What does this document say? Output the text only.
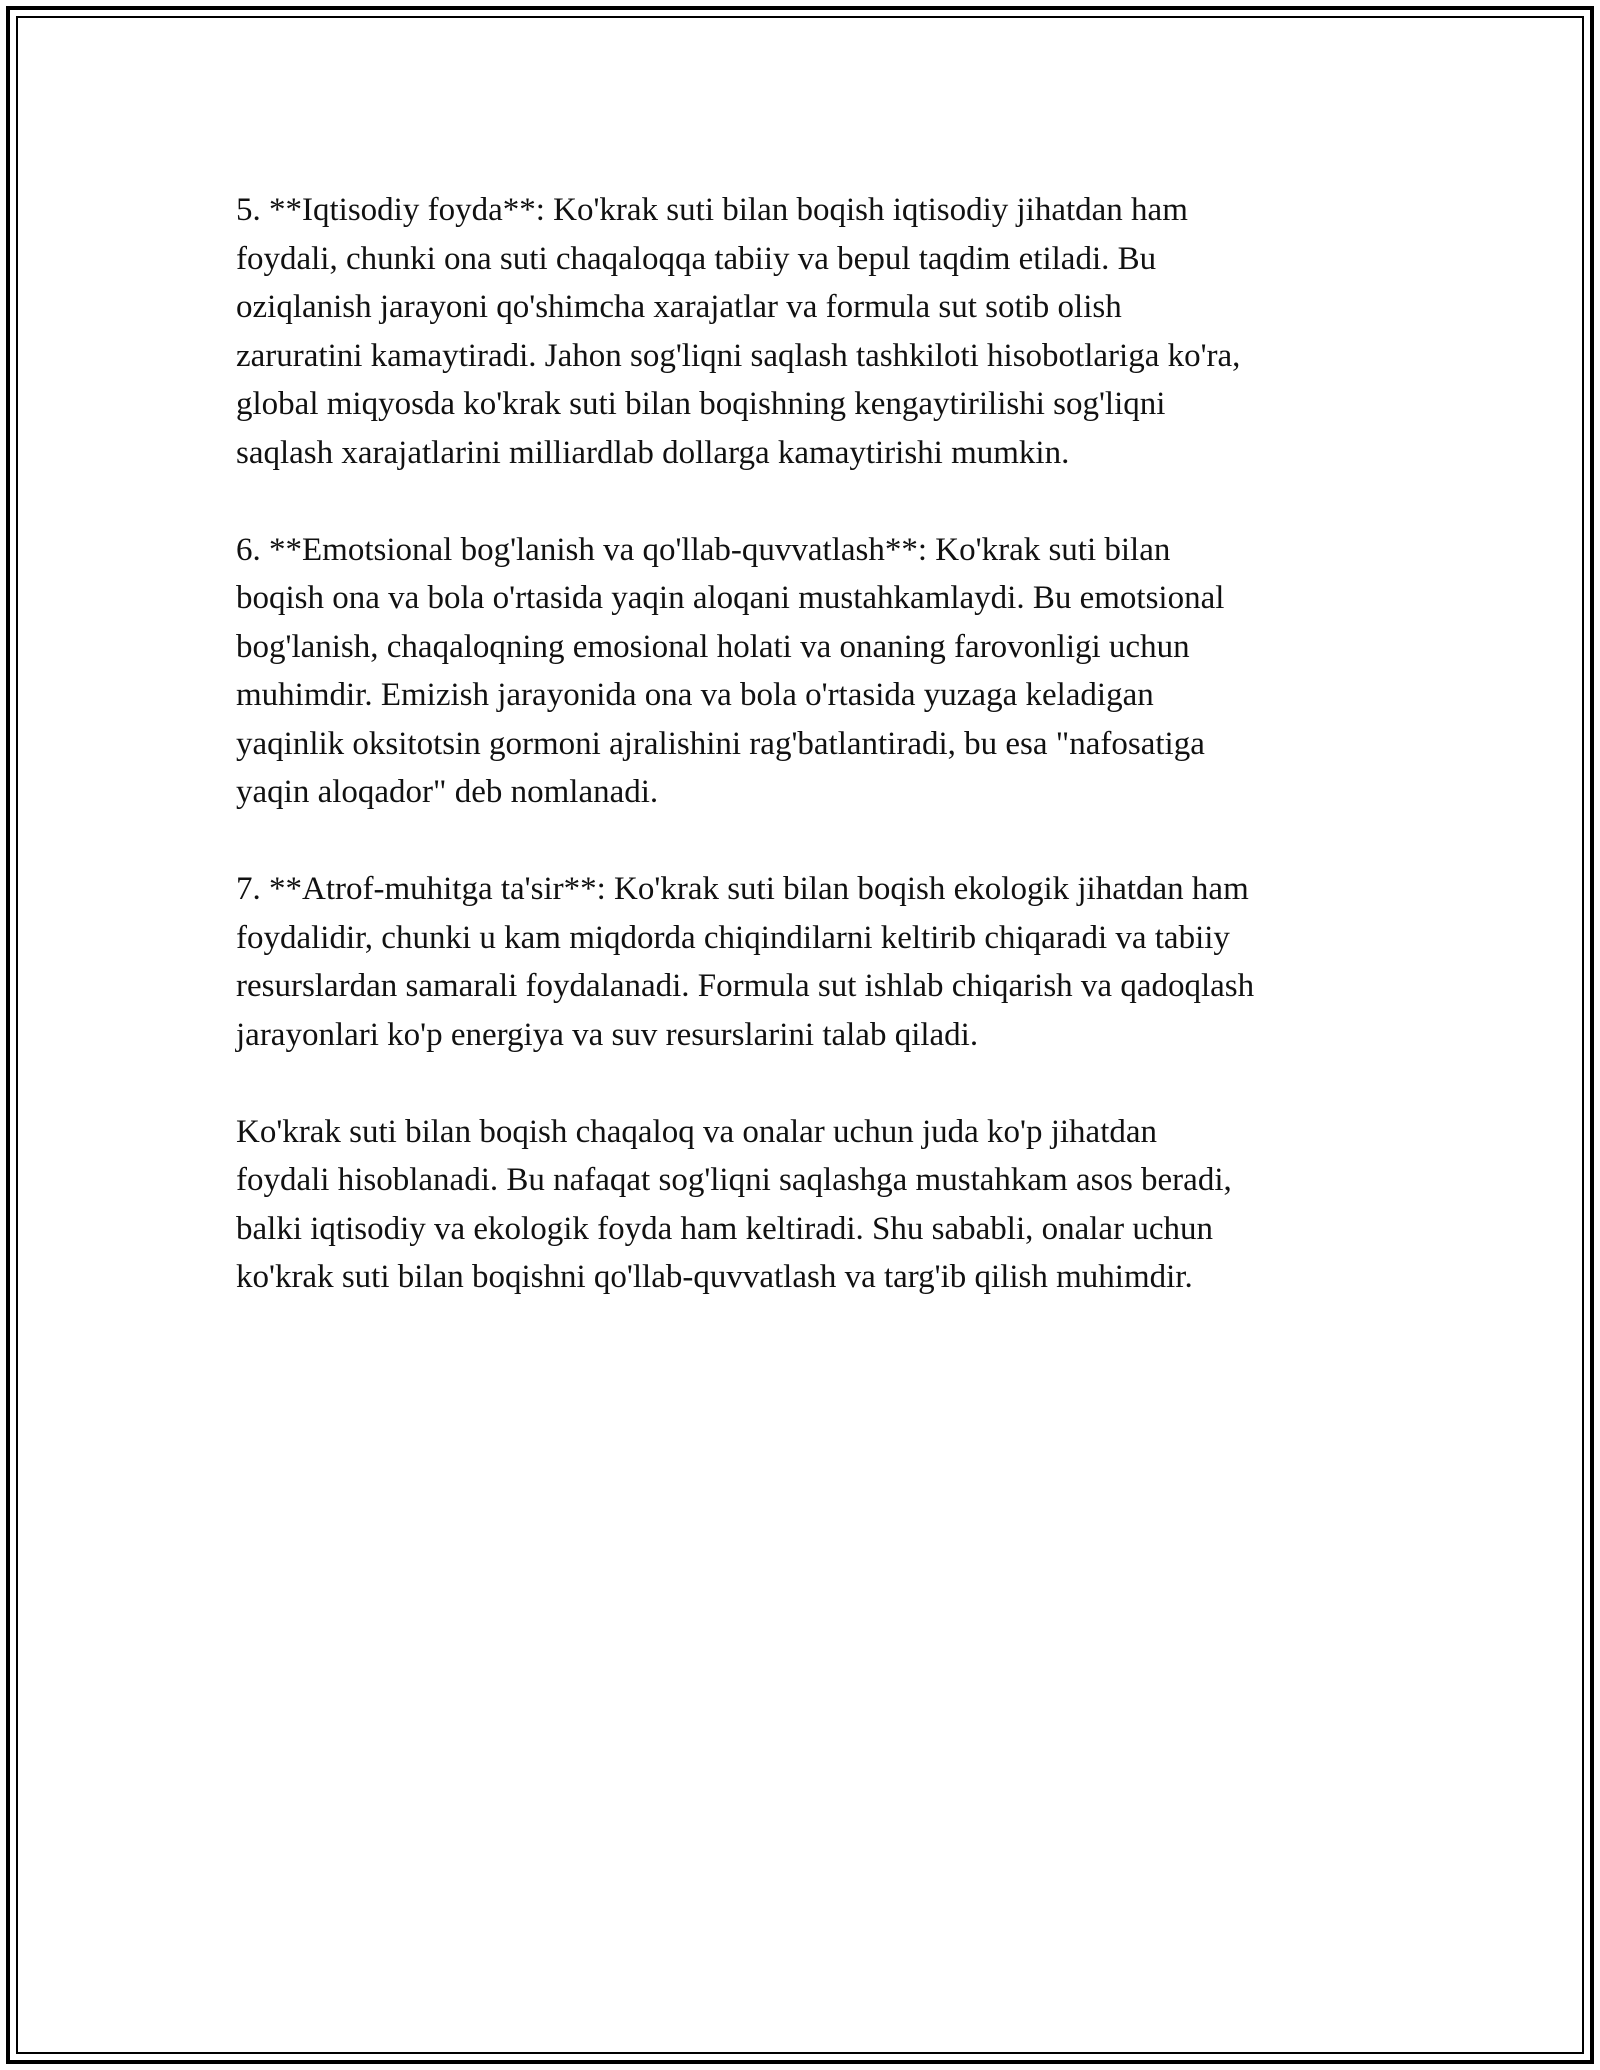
5. **Iqtisodiy foyda**: Ko'krak suti bilan boqish iqtisodiy jihatdan ham
foydali, chunki ona suti chaqaloqqa tabiiy va bepul taqdim etiladi. Bu
oziqlanish jarayoni qo'shimcha xarajatlar va formula sut sotib olish
zaruratini kamaytiradi. Jahon sog'liqni saqlash tashkiloti hisobotlariga ko'ra,
global miqyosda ko'krak suti bilan boqishning kengaytirilishi sog'liqni
saqlash xarajatlarini milliardlab dollarga kamaytirishi mumkin.

6. **Emotsional bog'lanish va qo'llab-quvvatlash**: Ko'krak suti bilan
boqish ona va bola o'rtasida yaqin aloqani mustahkamlaydi. Bu emotsional
bog'lanish, chaqaloqning emosional holati va onaning farovonligi uchun
muhimdir. Emizish jarayonida ona va bola o'rtasida yuzaga keladigan
yaqinlik oksitotsin gormoni ajralishini rag'batlantiradi, bu esa "nafosatiga
yaqin aloqador" deb nomlanadi.

7. **Atrof-muhitga ta'sir**: Ko'krak suti bilan boqish ekologik jihatdan ham
foydalidir, chunki u kam miqdorda chiqindilarni keltirib chiqaradi va tabiiy
resurslardan samarali foydalanadi. Formula sut ishlab chiqarish va qadoqlash
jarayonlari ko'p energiya va suv resurslarini talab qiladi.

Ko'krak suti bilan boqish chaqaloq va onalar uchun juda ko'p jihatdan
foydali hisoblanadi. Bu nafaqat sog'liqni saqlashga mustahkam asos beradi,
balki iqtisodiy va ekologik foyda ham keltiradi. Shu sababli, onalar uchun
ko'krak suti bilan boqishni qo'llab-quvvatlash va targ'ib qilish muhimdir.
